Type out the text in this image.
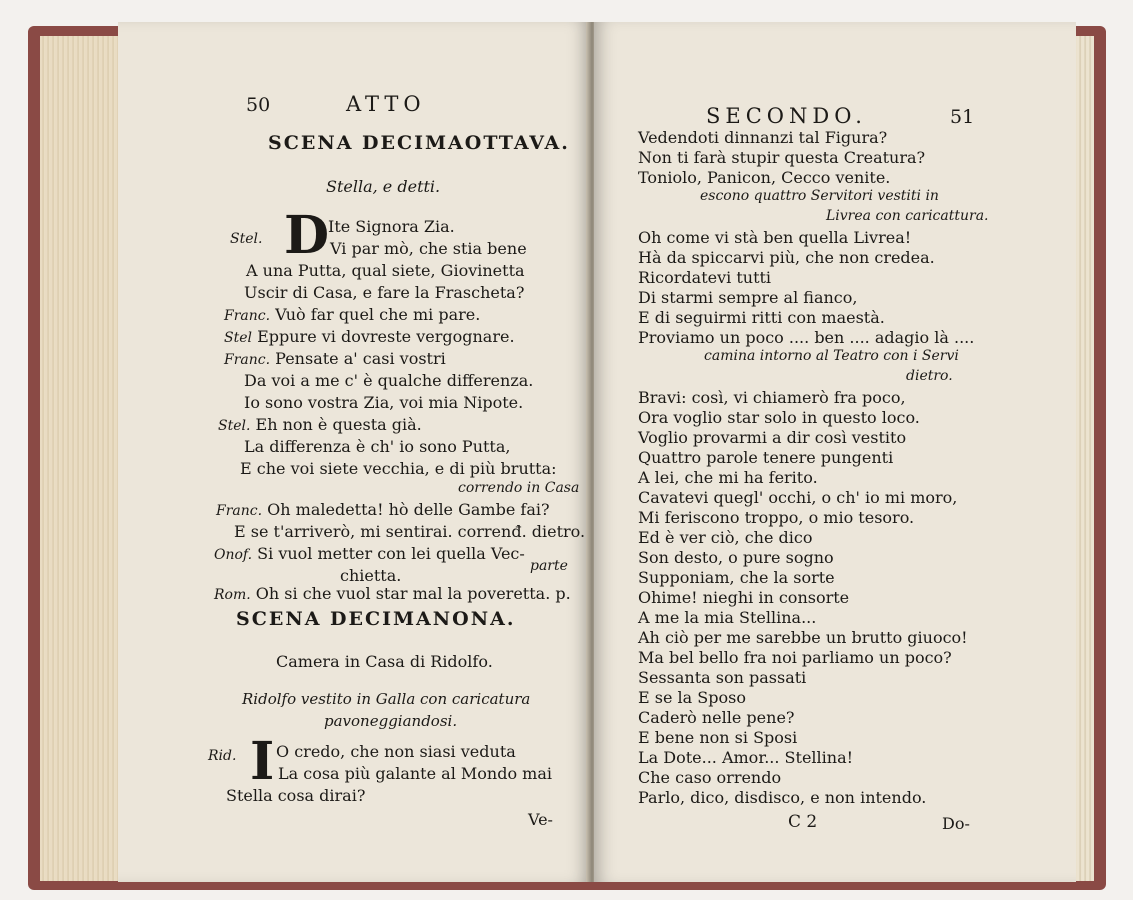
50	ATTO
SCENA DECIMAOTTAVA.
Stella, e detti.
D
Stel.
Ite Signora Zia.
Vi par mò, che stia bene
A una Putta, qual siete, Giovinetta
Uscir di Casa, e fare la Frascheta?
Franc. Vuò far quel che mi pare.
Stel Eppure vi dovreste vergognare.
Franc. Pensate a' casi vostri
Da voi a me c' è qualche differenza.
Io sono vostra Zia, voi mia Nipote.
Stel. Eh non è questa già.
La differenza è ch' io sono Putta,
E che voi siete vecchia, e di più brutta:
correndo in Casa
Franc. Oh maledetta! hò delle Gambe fai?
E se t'arriverò, mi sentirai. correnđ. dietro.
Onof. Si vuol metter con lei quella Vec-
chietta.	parte
Rom. Oh si che vuol star mal la poveretta. p.
SCENA DECIMANONA.
Camera in Casa di Ridolfo.
Ridolfo vestito in Galla con caricatura
pavoneggiandosi.
Rid. I O credo, che non siasi veduta
La cosa più galante al Mondo mai
Stella cosa dirai?
Ve-
SECONDO.	51
Vedendoti dinnanzi tal Figura?
Non ti farà stupir questa Creatura?
Toniolo, Panicon, Cecco venite.
escono quattro Servitori vestiti in
Livrea con caricattura.
Oh come vi stà ben quella Livrea!
Hà da spiccarvi più, che non credea.
Ricordatevi tutti
Di starmi sempre al fianco,
E di seguirmi ritti con maestà.
Proviamo un poco .... ben .... adagio là ....
camina intorno al Teatro con i Servi
dietro.
Bravi: così, vi chiamerò fra poco,
Ora voglio star solo in questo loco.
Voglio provarmi a dir così vestito
Quattro parole tenere pungenti
A lei, che mi ha ferito.
Cavatevi quegl' occhi, o ch' io mi moro,
Mi feriscono troppo, o mio tesoro.
Ed è ver ciò, che dico
Son desto, o pure sogno
Supponiam, che la sorte
Ohime! nieghi in consorte
A me la mia Stellina...
Ah ciò per me sarebbe un brutto giuoco!
Ma bel bello fra noi parliamo un poco?
Sessanta son passati
E se la Sposo
Caderò nelle pene?
E bene non si Sposi
La Dote... Amor... Stellina!
Che caso orrendo
Parlo, dico, disdisco, e non intendo.
C 2	Do-
